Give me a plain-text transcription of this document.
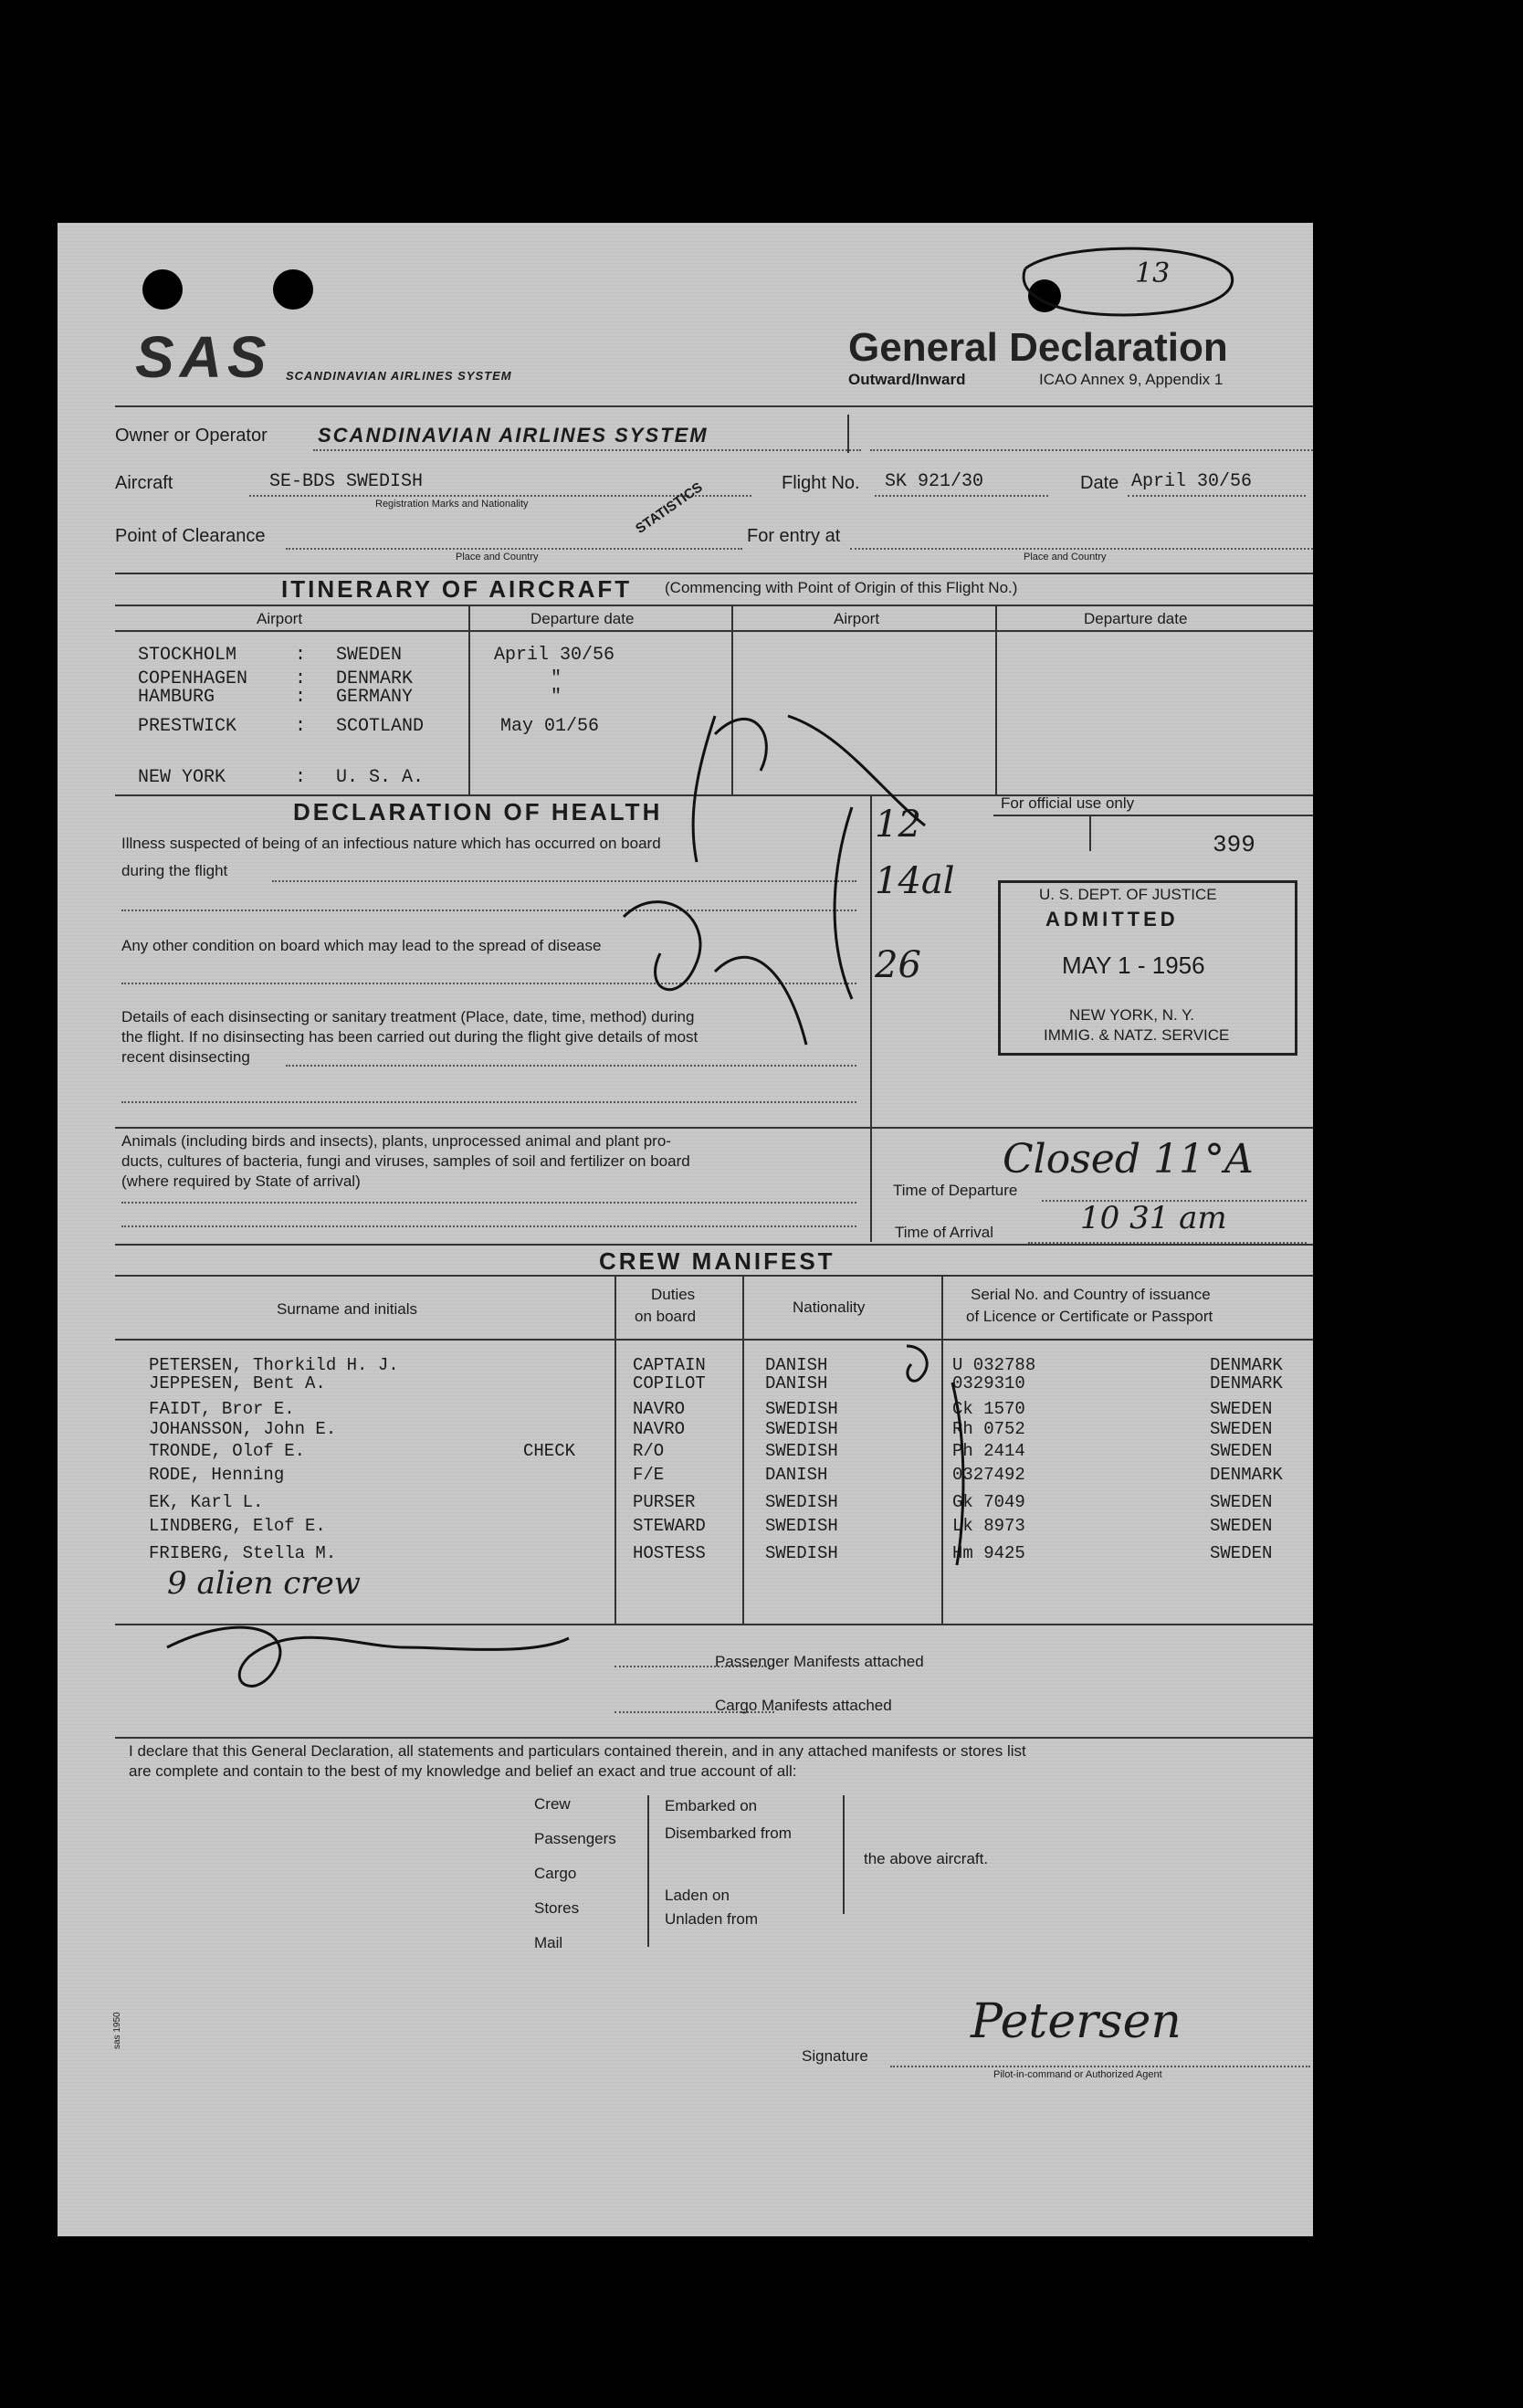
SAS SCANDINAVIAN AIRLINES SYSTEM
General Declaration
Outward/Inward	ICAO Annex 9, Appendix 1
13
Owner or Operator	SCANDINAVIAN AIRLINES SYSTEM
Aircraft	SE-BDS SWEDISH
Registration Marks and Nationality
Flight No. SK 921/30	Date April 30/56
Point of Clearance
Place and Country
STATISTICS For entry at
Place and Country
ITINERARY OF AIRCRAFT (Commencing with Point of Origin of this Flight No.)
Airport	Departure date	Airport	Departure date
STOCKHOLM	: SWEDEN	April 30/56
COPENHAGEN	: DENMARK	"
HAMBURG	: GERMANY	"
PRESTWICK	: SCOTLAND	May 01/56
NEW YORK	: U. S. A.
DECLARATION OF HEALTH	For official use only
Illness suspected of being of an infectious nature which has occurred on board
during the flight
Any other condition on board which may lead to the spread of disease
Details of each disinsecting or sanitary treatment (Place, date, time, method) during
the flight. If no disinsecting has been carried out during the flight give details of most
recent disinsecting
Animals (including birds and insects), plants, unprocessed animal and plant pro-
ducts, cultures of bacteria, fungi and viruses, samples of soil and fertilizer on board
(where required by State of arrival)
399
U. S. DEPT. OF JUSTICE
ADMITTED
MAY 1 - 1956
NEW YORK, N. Y.
IMMIG. & NATZ. SERVICE
12
14al
26
Time of Departure
Closed 11°A
Time of Arrival	10 31 am
CREW MANIFEST
Surname and initials
Duties
on board
Nationality
Serial No. and Country of issuance
of Licence or Certificate or Passport
PETERSEN, Thorkild H. J.	CAPTAIN	DANISH	U 032788	DENMARK
JEPPESEN, Bent A.	COPILOT	DANISH	0329310	DENMARK
FAIDT, Bror E.	NAVRO	SWEDISH	Ck 1570	SWEDEN
JOHANSSON, John E.	NAVRO	SWEDISH	Rh 0752	SWEDEN
TRONDE, Olof E.	CHECK	R/O	SWEDISH	Ph 2414	SWEDEN
RODE, Henning	F/E	DANISH	0327492	DENMARK
EK, Karl L.	PURSER	SWEDISH	Gk 7049	SWEDEN
LINDBERG, Elof E.	STEWARD	SWEDISH	Lk 8973	SWEDEN
FRIBERG, Stella M.	HOSTESS	SWEDISH	Hm 9425	SWEDEN
9 alien crew
Passenger Manifests attached
Cargo Manifests attached
I declare that this General Declaration, all statements and particulars contained therein, and in any attached manifests or stores list
are complete and contain to the best of my knowledge and belief an exact and true account of all:
Crew
Passengers
Cargo
Stores
Mail
Embarked on
Disembarked from
Laden on
Unladen from
the above aircraft.
Signature
Petersen
Pilot-in-command or Authorized Agent
sas 1950
